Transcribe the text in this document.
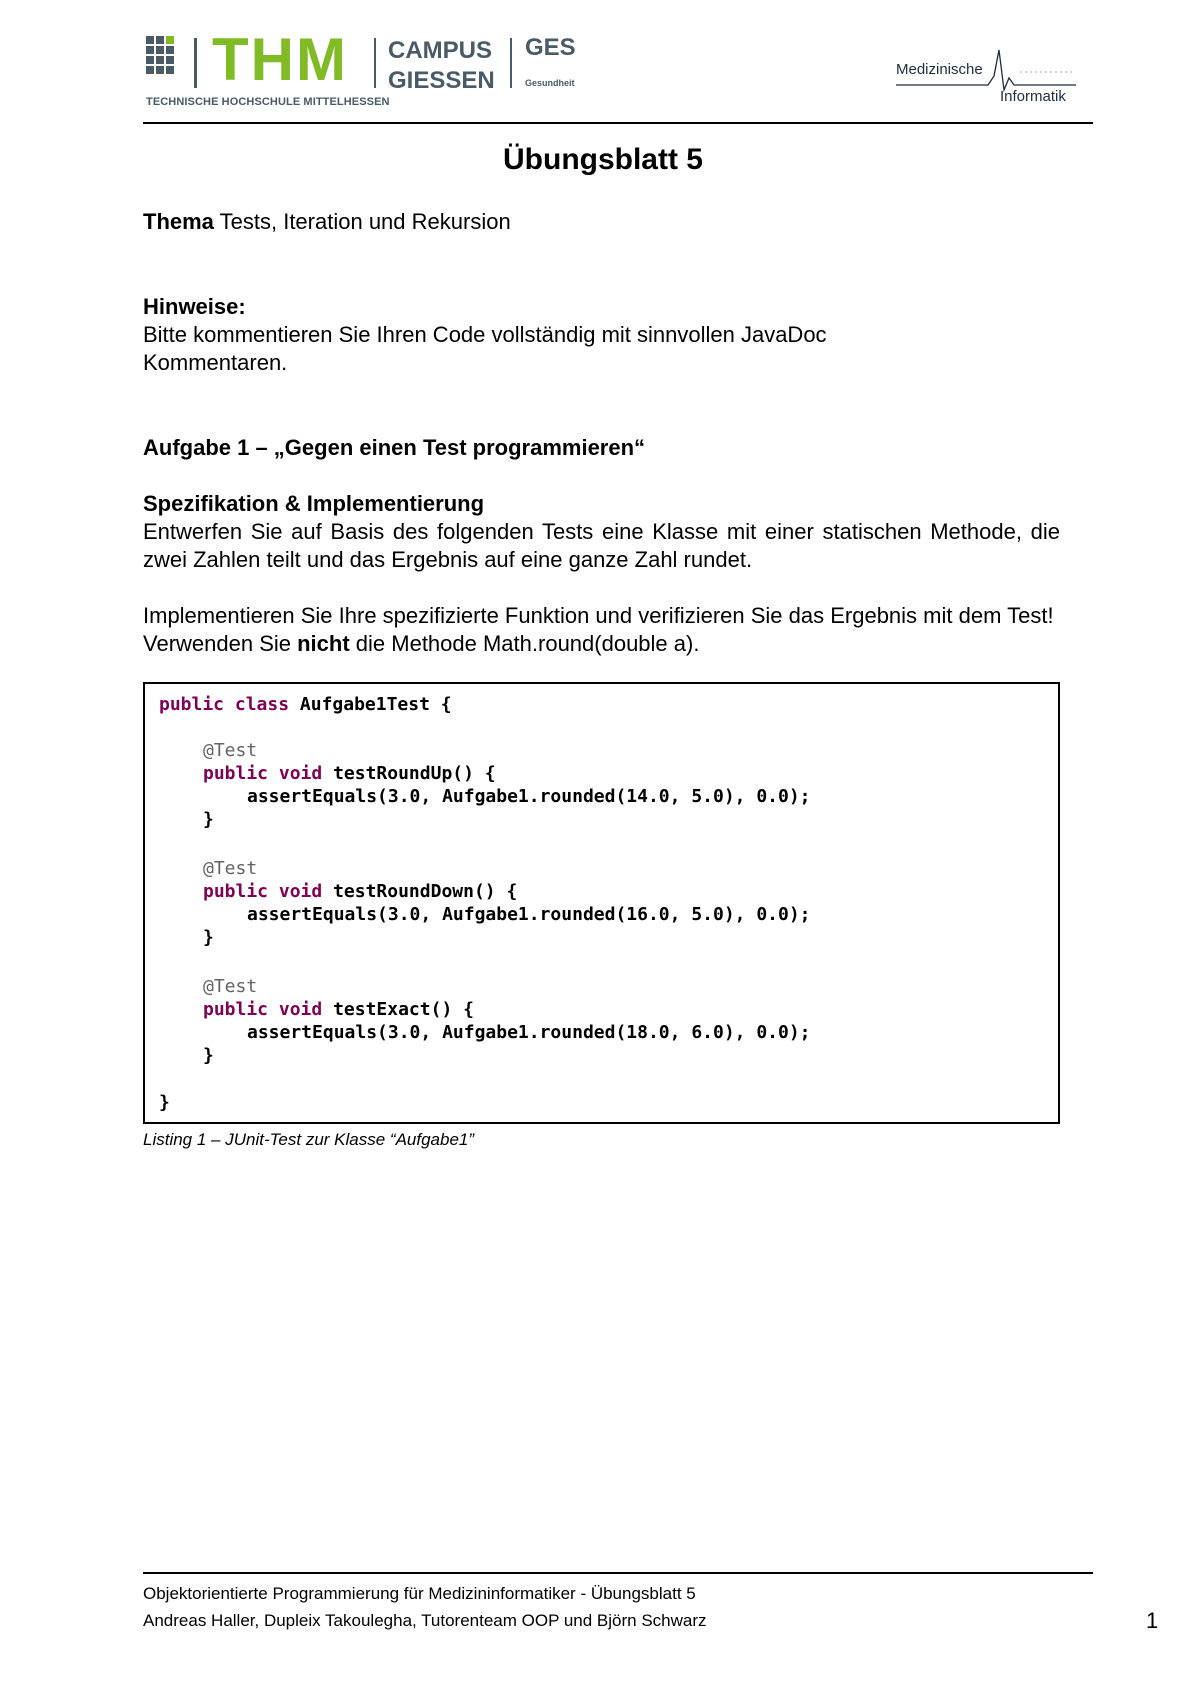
THM
TECHNISCHE HOCHSCHULE MITTELHESSEN
CAMPUS
GIESSEN
GES
Gesundheit
Medizinische
Informatik
Übungsblatt 5
Thema Tests, Iteration und Rekursion
Hinweise:
Bitte kommentieren Sie Ihren Code vollständig mit sinnvollen JavaDoc
Kommentaren.
Aufgabe 1 – „Gegen einen Test programmieren“
Spezifikation & Implementierung
Entwerfen Sie auf Basis des folgenden Tests eine Klasse mit einer statischen Methode, die zwei Zahlen teilt und das Ergebnis auf eine ganze Zahl rundet.
Implementieren Sie Ihre spezifizierte Funktion und verifizieren Sie das Ergebnis mit dem Test! Verwenden Sie nicht die Methode Math.round(double a).
public class Aufgabe1Test {
@Test
public void testRoundUp() {
assertEquals(3.0, Aufgabe1.rounded(14.0, 5.0), 0.0);
}
@Test
public void testRoundDown() {
assertEquals(3.0, Aufgabe1.rounded(16.0, 5.0), 0.0);
}
@Test
public void testExact() {
assertEquals(3.0, Aufgabe1.rounded(18.0, 6.0), 0.0);
}
}
Listing 1 – JUnit-Test zur Klasse “Aufgabe1”
Objektorientierte Programmierung für Medizininformatiker - Übungsblatt 5
Andreas Haller, Dupleix Takoulegha, Tutorenteam OOP und Björn Schwarz	1
